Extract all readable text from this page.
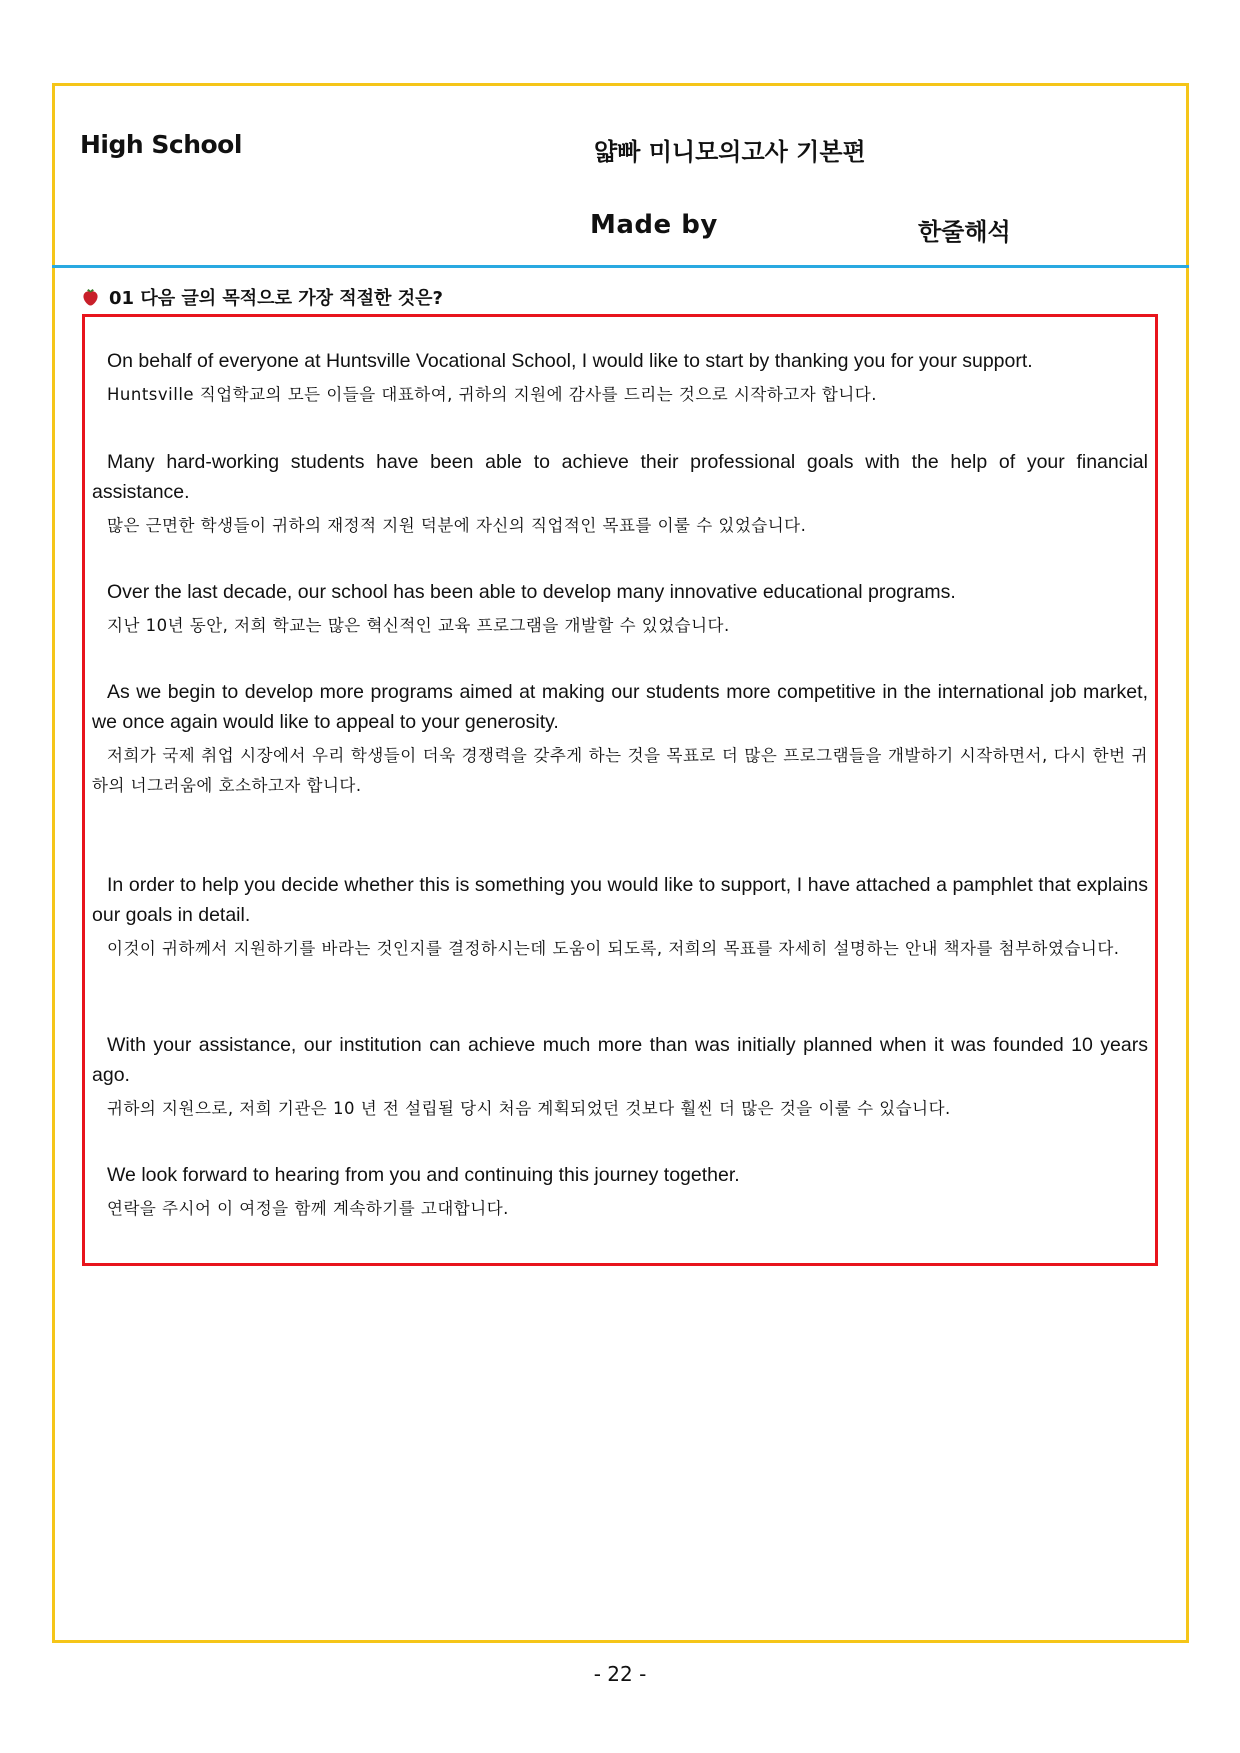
High School	얇빠 미니모의고사 기본편
Made by	한줄해석
01 다음 글의 목적으로 가장 적절한 것은?

On behalf of everyone at Huntsville Vocational School, I would like to start by thanking you for your support.

Huntsville 직업학교의 모든 이들을 대표하여, 귀하의 지원에 감사를 드리는 것으로 시작하고자 합니다.

Many hard-working students have been able to achieve their professional goals with the help of your financial assistance.

많은 근면한 학생들이 귀하의 재정적 지원 덕분에 자신의 직업적인 목표를 이룰 수 있었습니다.

Over the last decade, our school has been able to develop many innovative educational programs.

지난 10년 동안, 저희 학교는 많은 혁신적인 교육 프로그램을 개발할 수 있었습니다.

As we begin to develop more programs aimed at making our students more competitive in the international job market, we once again would like to appeal to your generosity.

저희가 국제 취업 시장에서 우리 학생들이 더욱 경쟁력을 갖추게 하는 것을 목표로 더 많은 프로그램들을 개발하기 시작하면서, 다시 한번 귀하의 너그러움에 호소하고자 합니다.

In order to help you decide whether this is something you would like to support, I have attached a pamphlet that explains our goals in detail.

이것이 귀하께서 지원하기를 바라는 것인지를 결정하시는데 도움이 되도록, 저희의 목표를 자세히 설명하는 안내 책자를 첨부하였습니다.

With your assistance, our institution can achieve much more than was initially planned when it was founded 10 years ago.

귀하의 지원으로, 저희 기관은 10 년 전 설립될 당시 처음 계획되었던 것보다 훨씬 더 많은 것을 이룰 수 있습니다.

We look forward to hearing from you and continuing this journey together.

연락을 주시어 이 여정을 함께 계속하기를 고대합니다.

- 22 -
